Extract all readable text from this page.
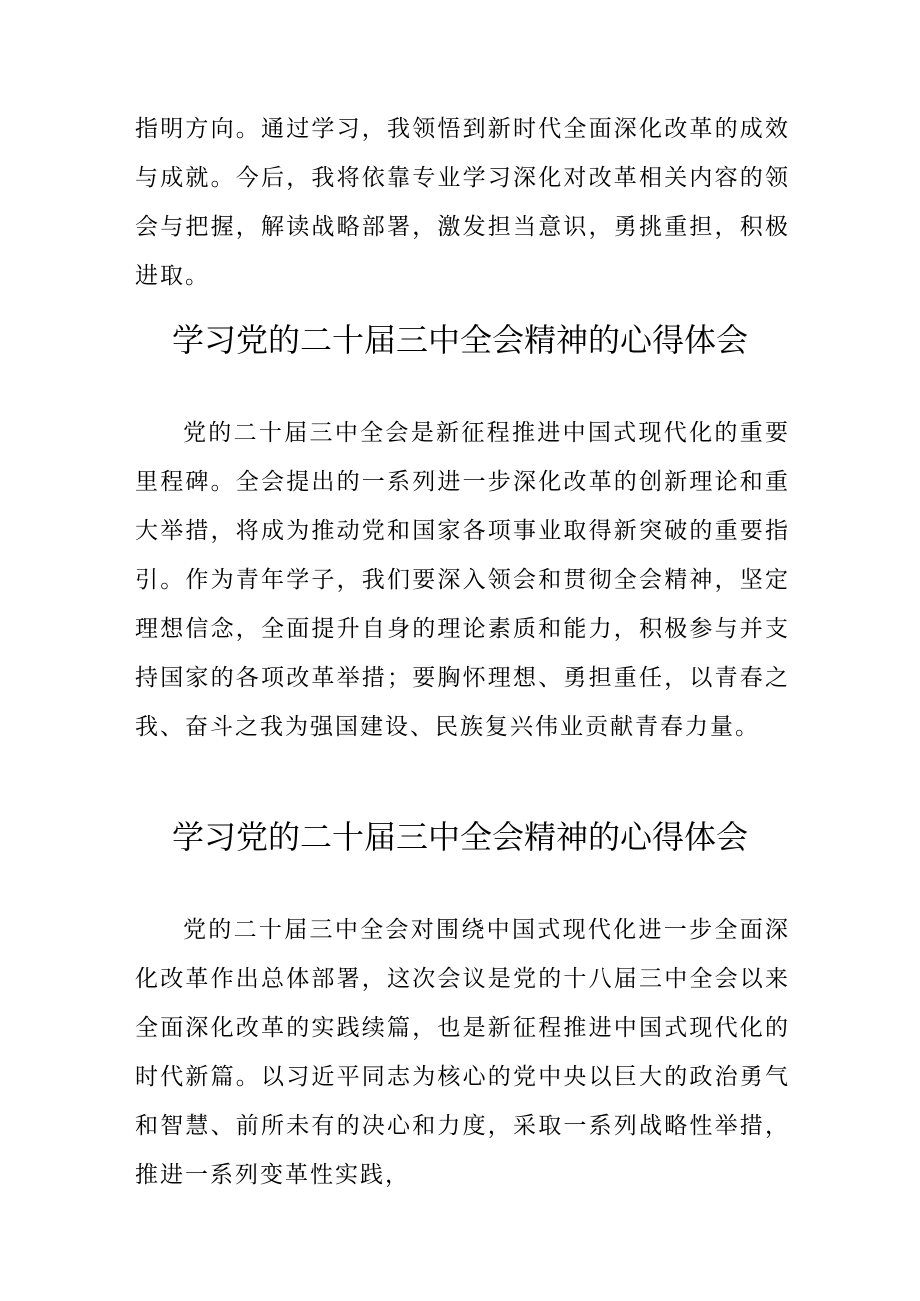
指明方向。通过学习，我领悟到新时代全面深化改革的成效与成就。今后，我将依靠专业学习深化对改革相关内容的领会与把握，解读战略部署，激发担当意识，勇挑重担，积极进取。

学习党的二十届三中全会精神的心得体会

党的二十届三中全会是新征程推进中国式现代化的重要里程碑。全会提出的一系列进一步深化改革的创新理论和重大举措，将成为推动党和国家各项事业取得新突破的重要指引。作为青年学子，我们要深入领会和贯彻全会精神，坚定理想信念，全面提升自身的理论素质和能力，积极参与并支持国家的各项改革举措；要胸怀理想、勇担重任，以青春之我、奋斗之我为强国建设、民族复兴伟业贡献青春力量。

学习党的二十届三中全会精神的心得体会

党的二十届三中全会对围绕中国式现代化进一步全面深化改革作出总体部署，这次会议是党的十八届三中全会以来全面深化改革的实践续篇，也是新征程推进中国式现代化的时代新篇。以习近平同志为核心的党中央以巨大的政治勇气和智慧、前所未有的决心和力度，采取一系列战略性举措，推进一系列变革性实践，
